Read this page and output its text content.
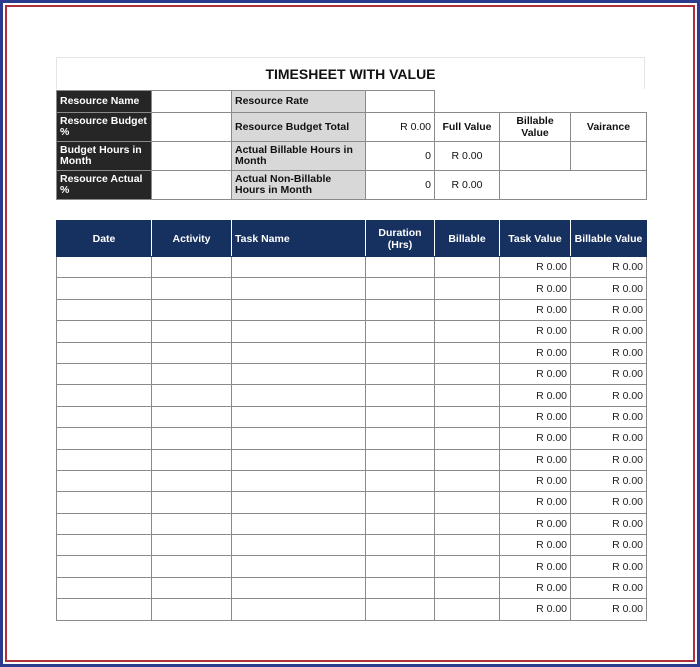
TIMESHEET WITH VALUE
Resource Name		Resource Rate				
Resource Budget %		Resource Budget Total	R 0.00	Full Value	Billable Value	Vairance
Budget Hours in Month		Actual Billable Hours in Month	0	R 0.00		
Resource Actual %		Actual Non-Billable Hours in Month	0	R 0.00		
Date	Activity	Task Name	Duration (Hrs)	Billable	Task Value	Billable Value
					R 0.00	R 0.00
					R 0.00	R 0.00
					R 0.00	R 0.00
					R 0.00	R 0.00
					R 0.00	R 0.00
					R 0.00	R 0.00
					R 0.00	R 0.00
					R 0.00	R 0.00
					R 0.00	R 0.00
					R 0.00	R 0.00
					R 0.00	R 0.00
					R 0.00	R 0.00
					R 0.00	R 0.00
					R 0.00	R 0.00
					R 0.00	R 0.00
					R 0.00	R 0.00
					R 0.00	R 0.00
